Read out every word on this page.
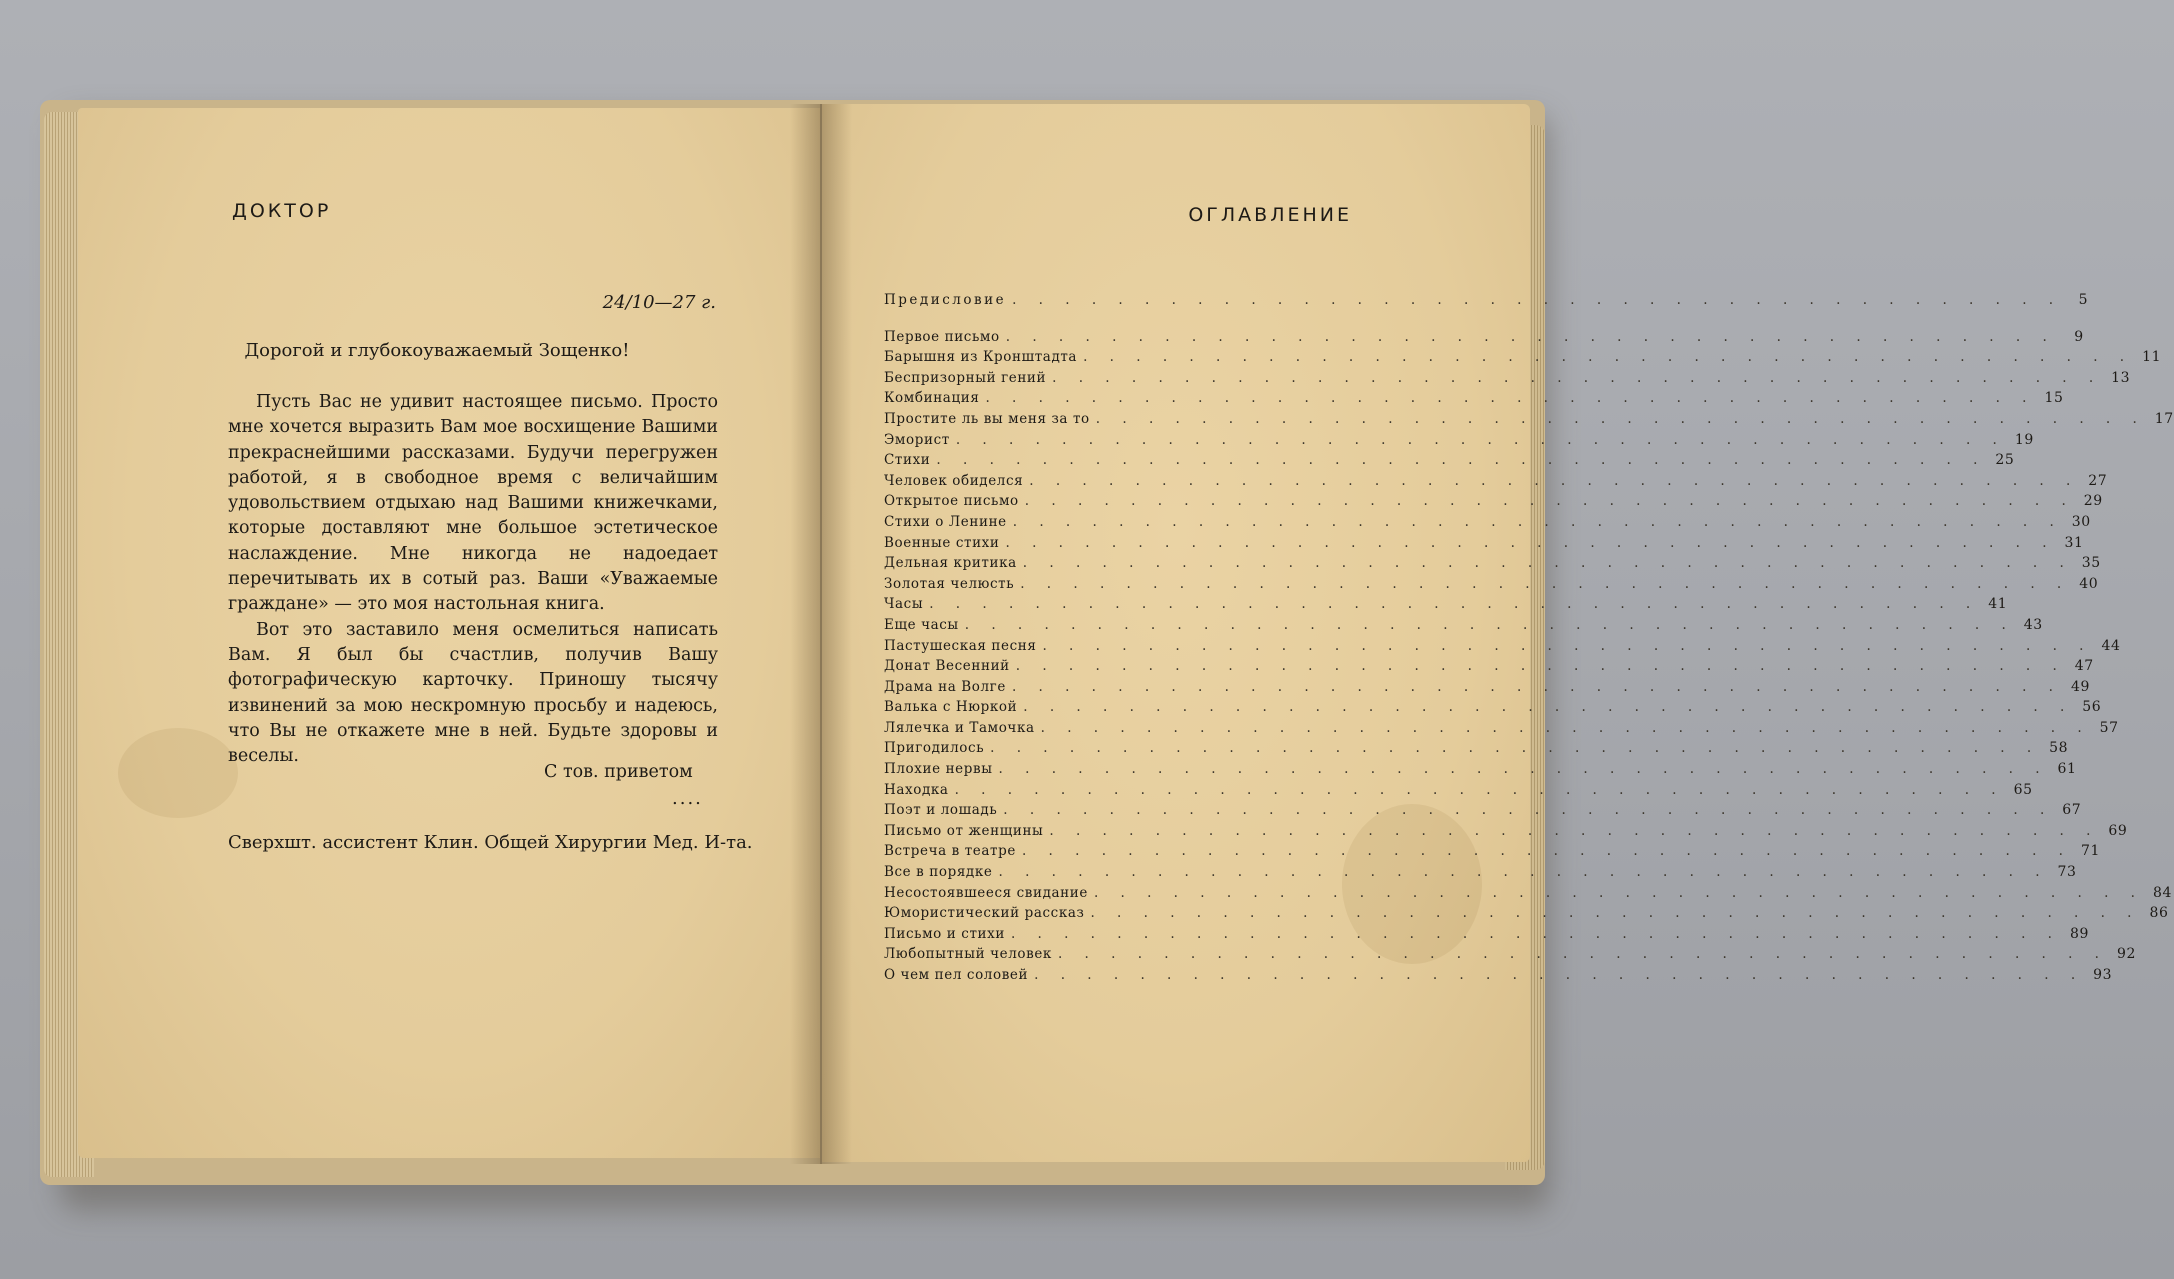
ДОКТОР
24/10—27 г.
Дорогой и глубокоуважаемый Зощенко!

Пусть Вас не удивит настоящее письмо. Просто мне хочется выразить Вам мое восхищение Вашими прекраснейшими рассказами. Будучи перегружен работой, я в свободное время с величайшим удовольствием отдыхаю над Вашими книжечками, которые доставляют мне большое эстетическое наслаждение. Мне никогда не надоедает перечитывать их в сотый раз. Ваши «Уважаемые граждане» — это моя настольная книга.

Вот это заставило меня осмелиться написать Вам. Я был бы счастлив, получив Вашу фотографическую карточку. Приношу тысячу извинений за мою нескромную просьбу и надеюсь, что Вы не откажете мне в ней. Будьте здоровы и веселы.

С тов. приветом
....
Сверхшт. ассистент Клин. Общей Хирургии Мед. И-та.
ОГЛАВЛЕНИЕ
Предисловие . . . . . . . . . . . . . . . . . . . . . . . . . . . . . . . . . . . . . . . .	5
Первое письмо . . . . . . . . . . . . . . . . . . . . . . . . . . . . . . . . . . . . . . . .	9
Барышня из Кронштадта . . . . . . . . . . . . . . . . . . . . . . . . . . . . . . . . . . . . . . . . 11
Беспризорный гений . . . . . . . . . . . . . . . . . . . . . . . . . . . . . . . . . . . . . . . . 13
Комбинация . . . . . . . . . . . . . . . . . . . . . . . . . . . . . . . . . . . . . . . . 15
Простите ль вы меня за то . . . . . . . . . . . . . . . . . . . . . . . . . . . . . . . . . . . . . . . . 17
Эморист . . . . . . . . . . . . . . . . . . . . . . . . . . . . . . . . . . . . . . . . 19
Стихи . . . . . . . . . . . . . . . . . . . . . . . . . . . . . . . . . . . . . . . . 25
Человек обиделся . . . . . . . . . . . . . . . . . . . . . . . . . . . . . . . . . . . . . . . . 27
Открытое письмо . . . . . . . . . . . . . . . . . . . . . . . . . . . . . . . . . . . . . . . . 29
Стихи о Ленине . . . . . . . . . . . . . . . . . . . . . . . . . . . . . . . . . . . . . . . . 30
Военные стихи . . . . . . . . . . . . . . . . . . . . . . . . . . . . . . . . . . . . . . . . 31
Дельная критика . . . . . . . . . . . . . . . . . . . . . . . . . . . . . . . . . . . . . . . . 35
Золотая челюсть . . . . . . . . . . . . . . . . . . . . . . . . . . . . . . . . . . . . . . . . 40
Часы . . . . . . . . . . . . . . . . . . . . . . . . . . . . . . . . . . . . . . . . 41
Еще часы . . . . . . . . . . . . . . . . . . . . . . . . . . . . . . . . . . . . . . . . 43
Пастушеская песня . . . . . . . . . . . . . . . . . . . . . . . . . . . . . . . . . . . . . . . . 44
Донат Весенний . . . . . . . . . . . . . . . . . . . . . . . . . . . . . . . . . . . . . . . . 47
Драма на Волге . . . . . . . . . . . . . . . . . . . . . . . . . . . . . . . . . . . . . . . . 49
Валька с Нюркой . . . . . . . . . . . . . . . . . . . . . . . . . . . . . . . . . . . . . . . . 56
Лялечка и Тамочка . . . . . . . . . . . . . . . . . . . . . . . . . . . . . . . . . . . . . . . . 57
Пригодилось . . . . . . . . . . . . . . . . . . . . . . . . . . . . . . . . . . . . . . . . 58
Плохие нервы . . . . . . . . . . . . . . . . . . . . . . . . . . . . . . . . . . . . . . . . 61
Находка . . . . . . . . . . . . . . . . . . . . . . . . . . . . . . . . . . . . . . . . 65
Поэт и лошадь . . . . . . . . . . . . . . . . . . . . . . . . . . . . . . . . . . . . . . . . 67
Письмо от женщины . . . . . . . . . . . . . . . . . . . . . . . . . . . . . . . . . . . . . . . . 69
Встреча в театре . . . . . . . . . . . . . . . . . . . . . . . . . . . . . . . . . . . . . . . . 71
Все в порядке . . . . . . . . . . . . . . . . . . . . . . . . . . . . . . . . . . . . . . . . 73
Несостоявшееся свидание . . . . . . . . . . . . . . . . . . . . . . . . . . . . . . . . . . . . . . . . 84
Юмористический рассказ . . . . . . . . . . . . . . . . . . . . . . . . . . . . . . . . . . . . . . . . 86
Письмо и стихи . . . . . . . . . . . . . . . . . . . . . . . . . . . . . . . . . . . . . . . . 89
Любопытный человек . . . . . . . . . . . . . . . . . . . . . . . . . . . . . . . . . . . . . . . . 92
О чем пел соловей . . . . . . . . . . . . . . . . . . . . . . . . . . . . . . . . . . . . . . . . 93
